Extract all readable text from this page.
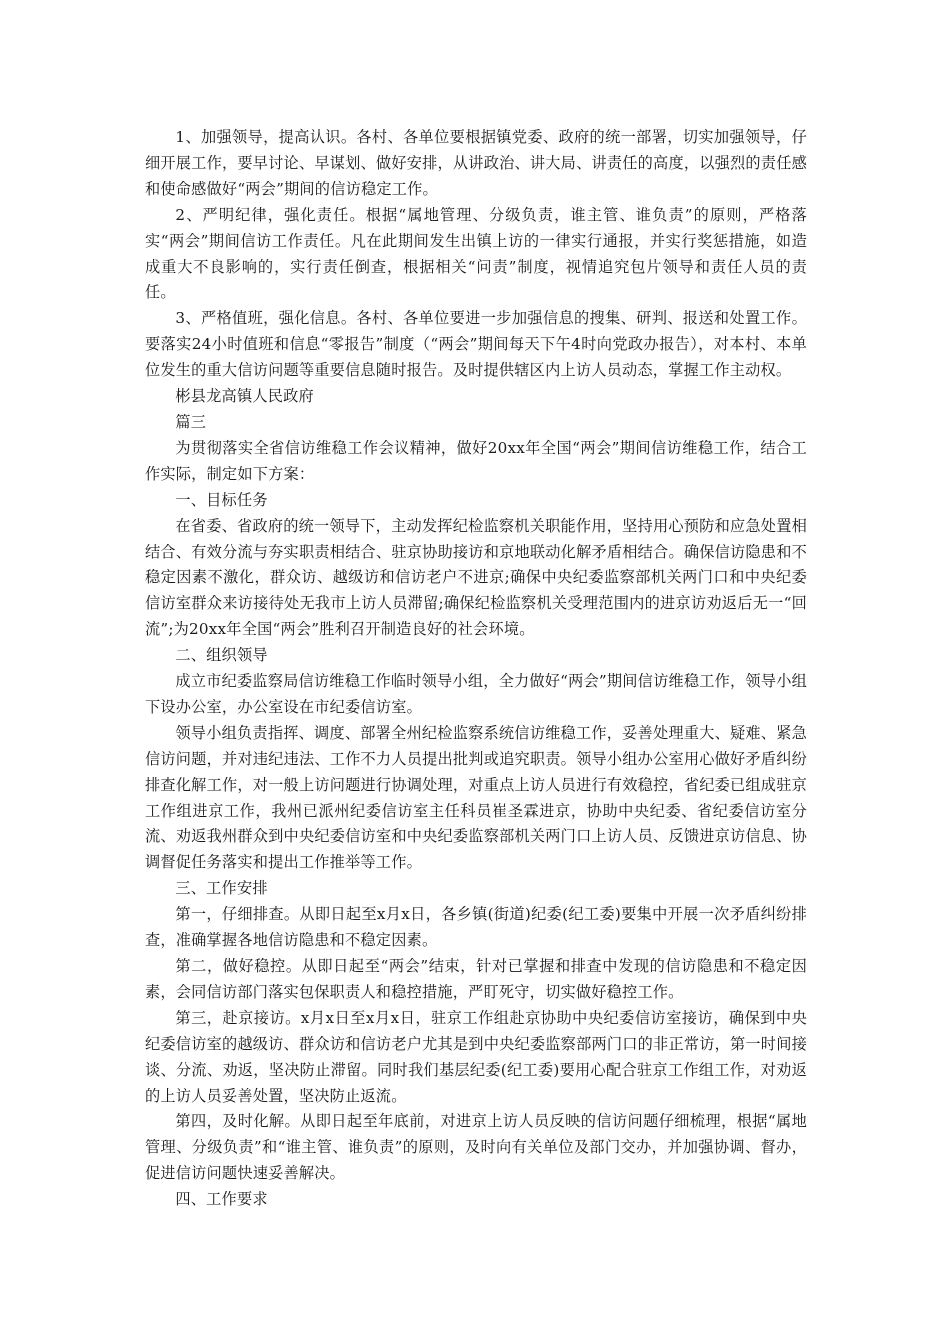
1、加强领导，提高认识。各村、各单位要根据镇党委、政府的统一部署，切实加强领导，仔细开展工作，要早讨论、早谋划、做好安排，从讲政治、讲大局、讲责任的高度，以强烈的责任感和使命感做好“两会”期间的信访稳定工作。

2、严明纪律，强化责任。根据“属地管理、分级负责，谁主管、谁负责”的原则，严格落实“两会”期间信访工作责任。凡在此期间发生出镇上访的一律实行通报，并实行奖惩措施，如造成重大不良影响的，实行责任倒查，根据相关“问责”制度，视情追究包片领导和责任人员的责任。

3、严格值班，强化信息。各村、各单位要进一步加强信息的搜集、研判、报送和处置工作。要落实24小时值班和信息“零报告”制度（“两会”期间每天下午4时向党政办报告），对本村、本单位发生的重大信访问题等重要信息随时报告。及时提供辖区内上访人员动态，掌握工作主动权。

彬县龙高镇人民政府

篇三

为贯彻落实全省信访维稳工作会议精神，做好20xx年全国“两会”期间信访维稳工作，结合工作实际，制定如下方案：

一、目标任务

在省委、省政府的统一领导下，主动发挥纪检监察机关职能作用，坚持用心预防和应急处置相结合、有效分流与夯实职责相结合、驻京协助接访和京地联动化解矛盾相结合。确保信访隐患和不稳定因素不激化，群众访、越级访和信访老户不进京;确保中央纪委监察部机关两门口和中央纪委信访室群众来访接待处无我市上访人员滞留;确保纪检监察机关受理范围内的进京访劝返后无一“回流”;为20xx年全国“两会”胜利召开制造良好的社会环境。

二、组织领导

成立市纪委监察局信访维稳工作临时领导小组，全力做好“两会”期间信访维稳工作，领导小组下设办公室，办公室设在市纪委信访室。

领导小组负责指挥、调度、部署全州纪检监察系统信访维稳工作，妥善处理重大、疑难、紧急信访问题，并对违纪违法、工作不力人员提出批判或追究职责。领导小组办公室用心做好矛盾纠纷排查化解工作，对一般上访问题进行协调处理，对重点上访人员进行有效稳控，省纪委已组成驻京工作组进京工作，我州已派州纪委信访室主任科员崔圣霖进京，协助中央纪委、省纪委信访室分流、劝返我州群众到中央纪委信访室和中央纪委监察部机关两门口上访人员、反馈进京访信息、协调督促任务落实和提出工作推举等工作。

三、工作安排

第一，仔细排查。从即日起至x月x日，各乡镇(街道)纪委(纪工委)要集中开展一次矛盾纠纷排查，准确掌握各地信访隐患和不稳定因素。

第二，做好稳控。从即日起至“两会”结束，针对已掌握和排查中发现的信访隐患和不稳定因素，会同信访部门落实包保职责人和稳控措施，严盯死守，切实做好稳控工作。

第三，赴京接访。x月x日至x月x日，驻京工作组赴京协助中央纪委信访室接访，确保到中央纪委信访室的越级访、群众访和信访老户尤其是到中央纪委监察部两门口的非正常访，第一时间接谈、分流、劝返，坚决防止滞留。同时我们基层纪委(纪工委)要用心配合驻京工作组工作，对劝返的上访人员妥善处置，坚决防止返流。

第四，及时化解。从即日起至年底前，对进京上访人员反映的信访问题仔细梳理，根据“属地管理、分级负责”和“谁主管、谁负责”的原则，及时向有关单位及部门交办，并加强协调、督办，促进信访问题快速妥善解决。

四、工作要求
